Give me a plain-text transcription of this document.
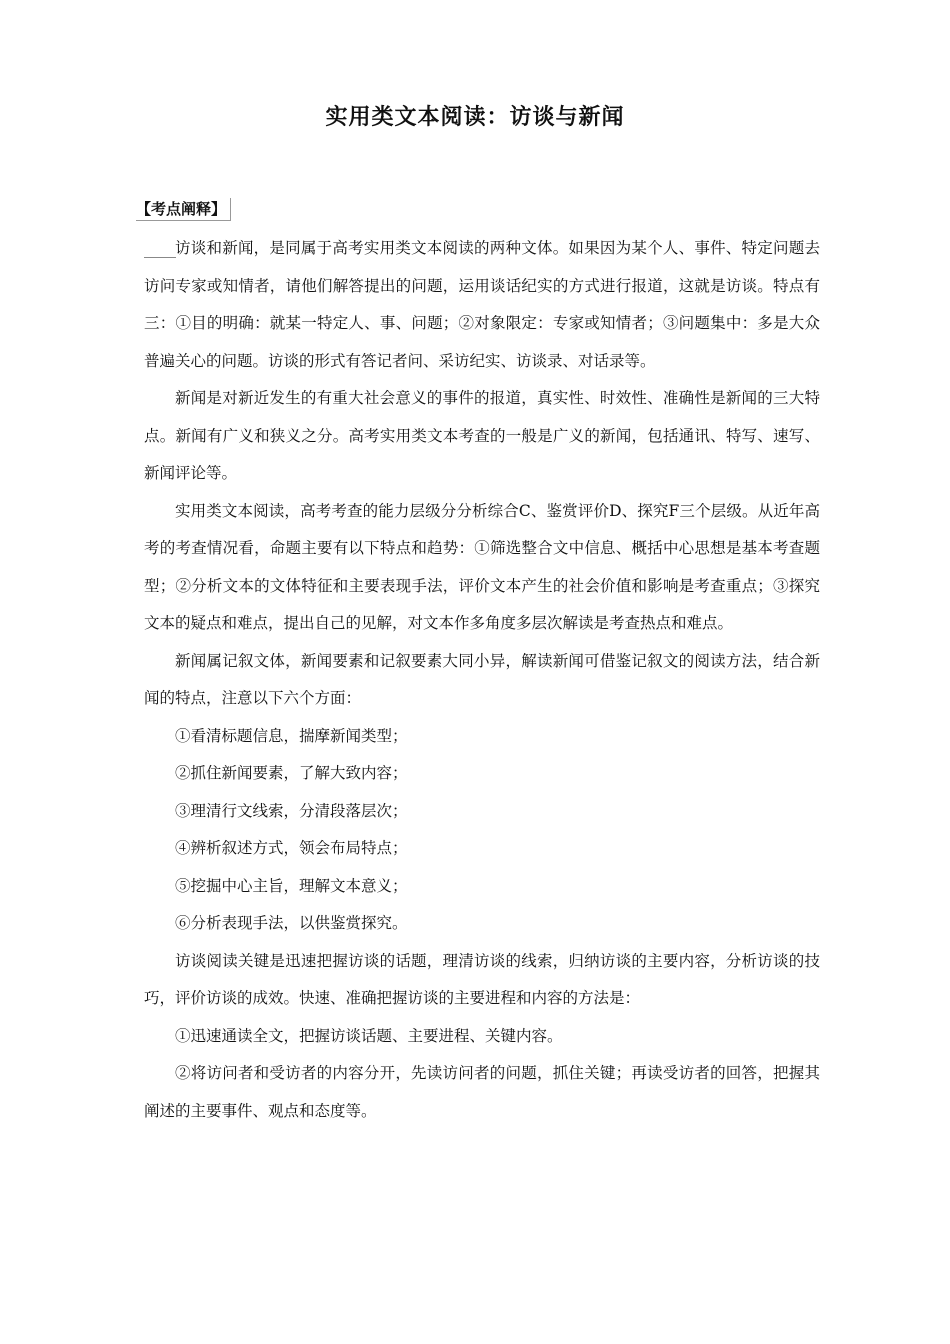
实用类文本阅读：访谈与新闻
【考点阐释】

访谈和新闻，是同属于高考实用类文本阅读的两种文体。如果因为某个人、事件、特定问题去访问专家或知情者，请他们解答提出的问题，运用谈话纪实的方式进行报道，这就是访谈。特点有三：①目的明确：就某一特定人、事、问题；②对象限定：专家或知情者；③问题集中：多是大众普遍关心的问题。访谈的形式有答记者问、采访纪实、访谈录、对话录等。

新闻是对新近发生的有重大社会意义的事件的报道，真实性、时效性、准确性是新闻的三大特点。新闻有广义和狭义之分。高考实用类文本考查的一般是广义的新闻，包括通讯、特写、速写、新闻评论等。

实用类文本阅读，高考考查的能力层级分分析综合C、鉴赏评价D、探究F三个层级。从近年高考的考查情况看，命题主要有以下特点和趋势：①筛选整合文中信息、概括中心思想是基本考查题型；②分析文本的文体特征和主要表现手法，评价文本产生的社会价值和影响是考查重点；③探究文本的疑点和难点，提出自己的见解，对文本作多角度多层次解读是考查热点和难点。

新闻属记叙文体，新闻要素和记叙要素大同小异，解读新闻可借鉴记叙文的阅读方法，结合新闻的特点，注意以下六个方面：

①看清标题信息，揣摩新闻类型；

②抓住新闻要素，了解大致内容；

③理清行文线索，分清段落层次；

④辨析叙述方式，领会布局特点；

⑤挖掘中心主旨，理解文本意义；

⑥分析表现手法，以供鉴赏探究。

访谈阅读关键是迅速把握访谈的话题，理清访谈的线索，归纳访谈的主要内容，分析访谈的技巧，评价访谈的成效。快速、准确把握访谈的主要进程和内容的方法是：

①迅速通读全文，把握访谈话题、主要进程、关键内容。

②将访问者和受访者的内容分开，先读访问者的问题，抓住关键；再读受访者的回答，把握其阐述的主要事件、观点和态度等。
